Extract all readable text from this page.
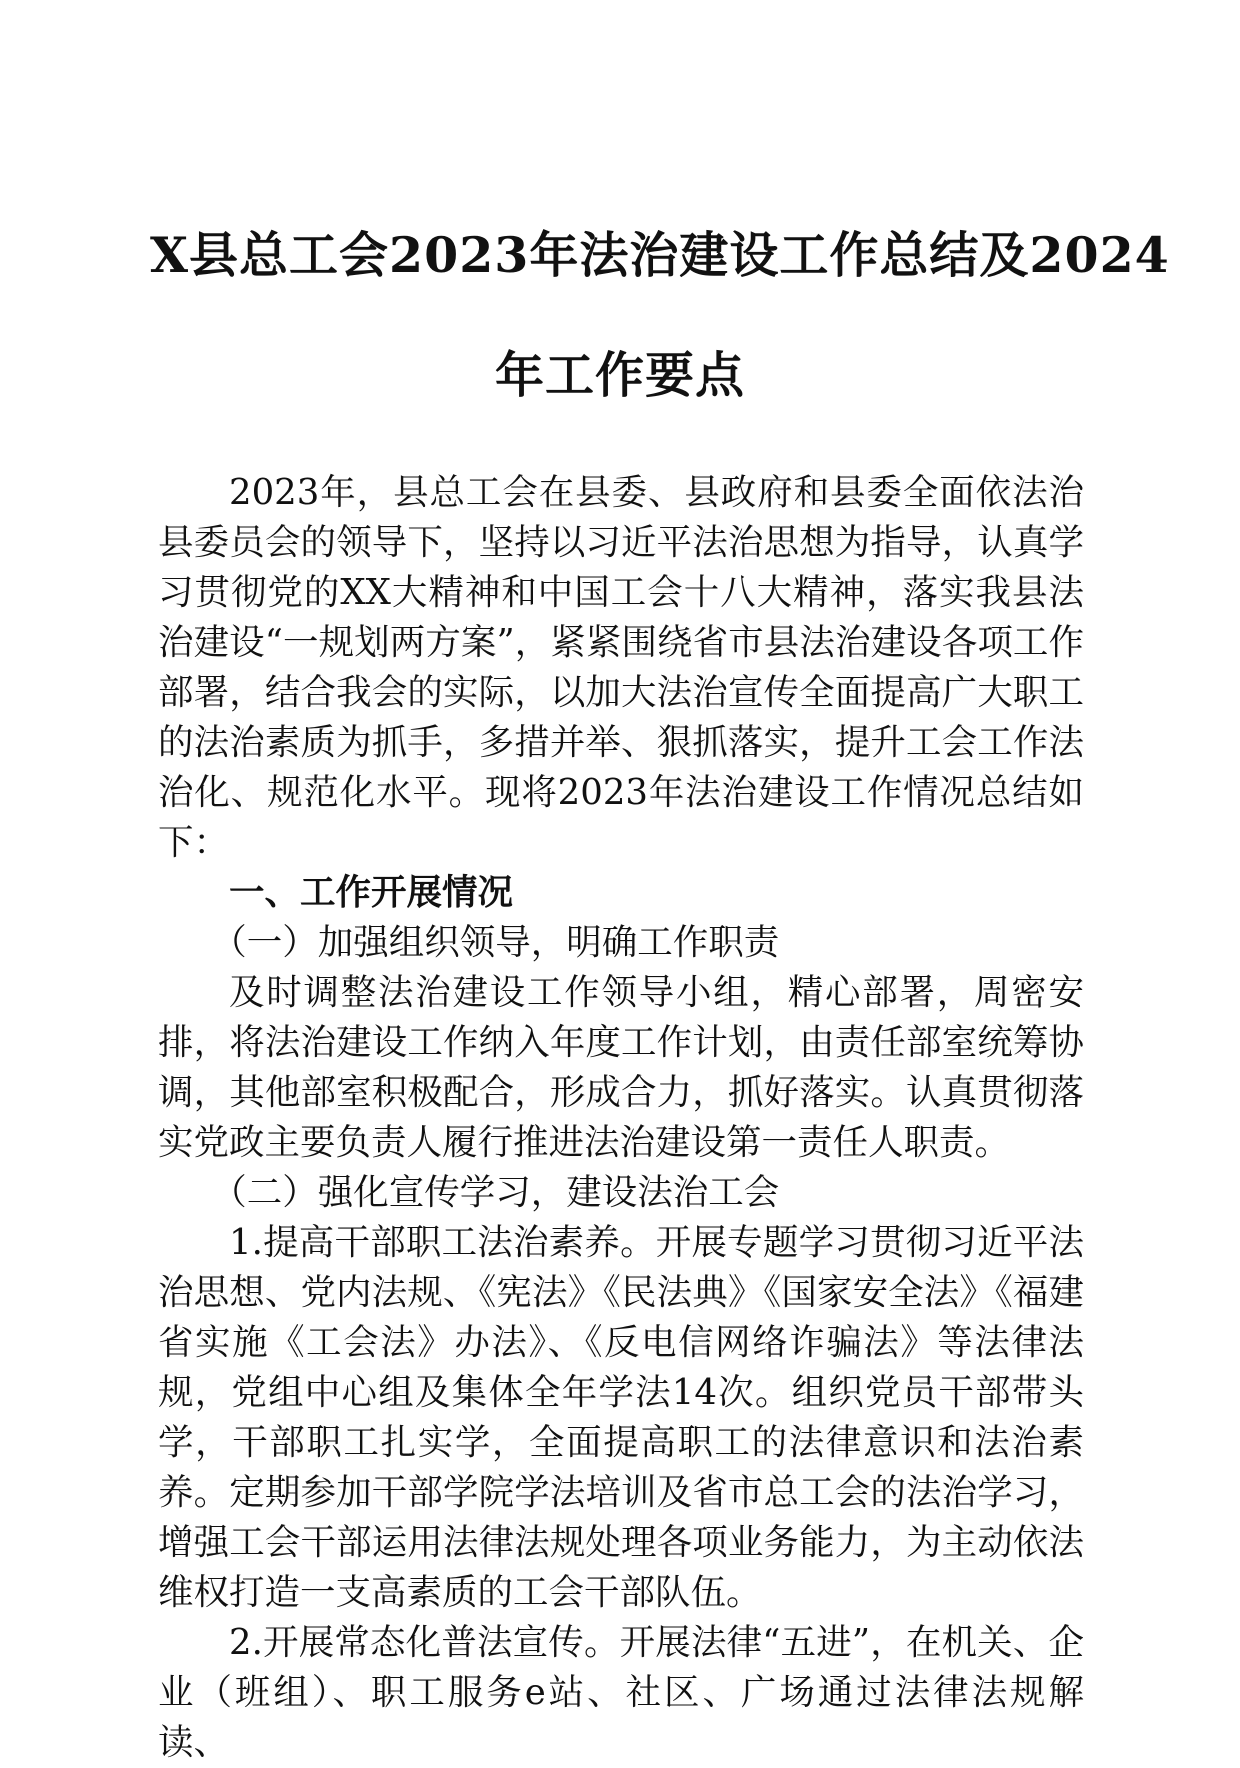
X县总工会2023年法治建设工作总结及2024
年工作要点

2023年，县总工会在县委、县政府和县委全面依法治县委员会的领导下，坚持以习近平法治思想为指导，认真学习贯彻党的XX大精神和中国工会十八大精神，落实我县法治建设“一规划两方案”，紧紧围绕省市县法治建设各项工作部署，结合我会的实际，以加大法治宣传全面提高广大职工的法治素质为抓手，多措并举、狠抓落实，提升工会工作法治化、规范化水平。现将2023年法治建设工作情况总结如下：

一、工作开展情况

（一）加强组织领导，明确工作职责

及时调整法治建设工作领导小组，精心部署，周密安排，将法治建设工作纳入年度工作计划，由责任部室统筹协调，其他部室积极配合，形成合力，抓好落实。认真贯彻落实党政主要负责人履行推进法治建设第一责任人职责。

（二）强化宣传学习，建设法治工会

1.提高干部职工法治素养。开展专题学习贯彻习近平法治思想、党内法规、《宪法》《民法典》《国家安全法》《福建省实施《工会法》办法》、《反电信网络诈骗法》等法律法规，党组中心组及集体全年学法14次。组织党员干部带头学，干部职工扎实学，全面提高职工的法律意识和法治素养。定期参加干部学院学法培训及省市总工会的法治学习，增强工会干部运用法律法规处理各项业务能力，为主动依法维权打造一支高素质的工会干部队伍。

2.开展常态化普法宣传。开展法律“五进”，在机关、企业（班组）、职工服务e站、社区、广场通过法律法规解读、
